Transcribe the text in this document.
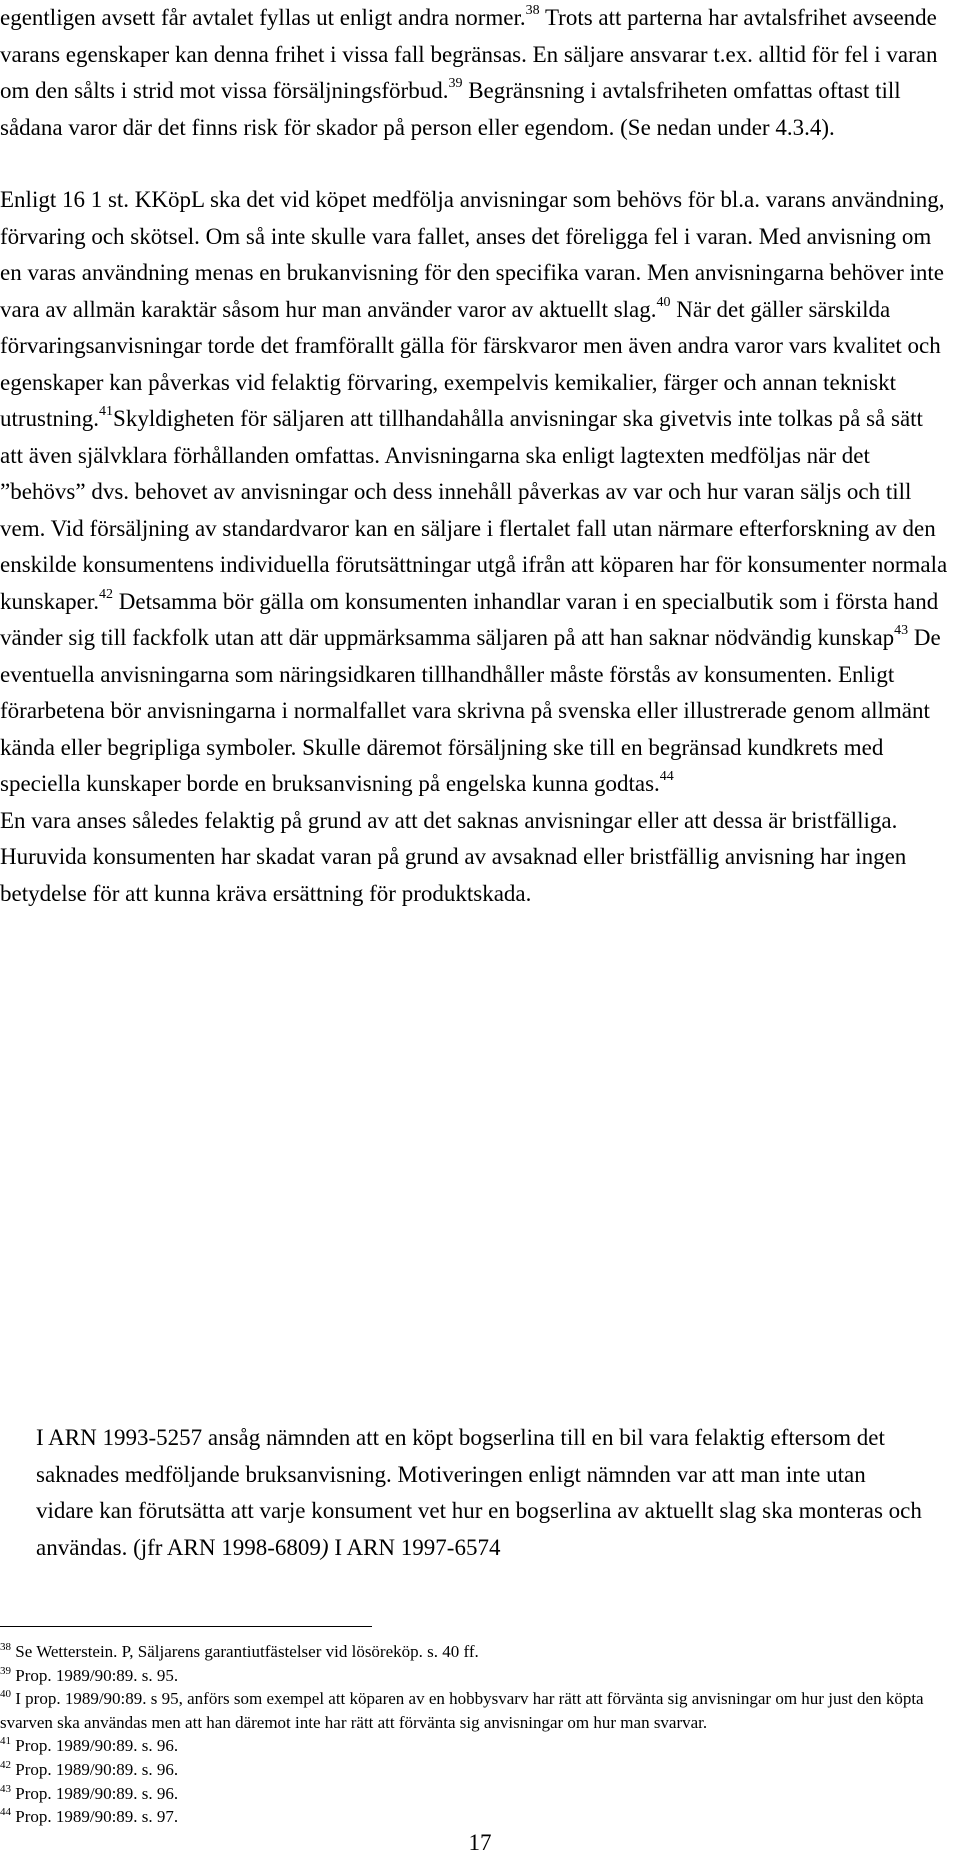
egentligen avsett får avtalet fyllas ut enligt andra normer.$^{38}$ Trots att parterna har avtalsfrihet avseende varans egenskaper kan denna frihet i vissa fall begränsas. En säljare ansvarar t.ex. alltid för fel i varan om den sålts i strid mot vissa försäljningsförbud.$^{39}$ Begränsning i avtalsfriheten omfattas oftast till sådana varor där det finns risk för skador på person eller egendom. (Se nedan under 4.3.4).

Enligt 16 1 st. KKöpL ska det vid köpet medfölja anvisningar som behövs för bl.a. varans användning, förvaring och skötsel. Om så inte skulle vara fallet, anses det föreligga fel i varan. Med anvisning om en varas användning menas en brukanvisning för den specifika varan. Men anvisningarna behöver inte vara av allmän karaktär såsom hur man använder varor av aktuellt slag.$^{40}$ När det gäller särskilda förvaringsanvisningar torde det framförallt gälla för färskvaror men även andra varor vars kvalitet och egenskaper kan påverkas vid felaktig förvaring, exempelvis kemikalier, färger och annan tekniskt utrustning.$^{41}$Skyldigheten för säljaren att tillhandahålla anvisningar ska givetvis inte tolkas på så sätt att även självklara förhållanden omfattas. Anvisningarna ska enligt lagtexten medföljas när det ”behövs” dvs. behovet av anvisningar och dess innehåll påverkas av var och hur varan säljs och till vem. Vid försäljning av standardvaror kan en säljare i flertalet fall utan närmare efterforskning av den enskilde konsumentens individuella förutsättningar utgå ifrån att köparen har för konsumenter normala kunskaper.$^{42}$ Detsamma bör gälla om konsumenten inhandlar varan i en specialbutik som i första hand vänder sig till fackfolk utan att där uppmärksamma säljaren på att han saknar nödvändig kunskap$^{43}$ De eventuella anvisningarna som näringsidkaren tillhandhåller måste förstås av konsumenten. Enligt förarbetena bör anvisningarna i normalfallet vara skrivna på svenska eller illustrerade genom allmänt kända eller begripliga symboler. Skulle däremot försäljning ske till en begränsad kundkrets med speciella kunskaper borde en bruksanvisning på engelska kunna godtas.$^{44}$

En vara anses således felaktig på grund av att det saknas anvisningar eller att dessa är bristfälliga. Huruvida konsumenten har skadat varan på grund av avsaknad eller bristfällig anvisning har ingen betydelse för att kunna kräva ersättning för produktskada.

I ARN 1993-5257 ansåg nämnden att en köpt bogserlina till en bil vara felaktig eftersom det saknades medföljande bruksanvisning. Motiveringen enligt nämnden var att man inte utan vidare kan förutsätta att varje konsument vet hur en bogserlina av aktuellt slag ska monteras och användas. (jfr ARN 1998-6809) I ARN 1997-6574

$^{38}$ Se Wetterstein. P, Säljarens garantiutfästelser vid lösöreköp. s. 40 ff.

$^{39}$ Prop. 1989/90:89. s. 95.

$^{40}$ I prop. 1989/90:89. s 95, anförs som exempel att köparen av en hobbysvarv har rätt att förvänta sig anvisningar om hur just den köpta svarven ska användas men att han däremot inte har rätt att förvänta sig anvisningar om hur man svarvar.

$^{41}$ Prop. 1989/90:89. s. 96.

$^{42}$ Prop. 1989/90:89. s. 96.

$^{43}$ Prop. 1989/90:89. s. 96.

$^{44}$ Prop. 1989/90:89. s. 97.

17
